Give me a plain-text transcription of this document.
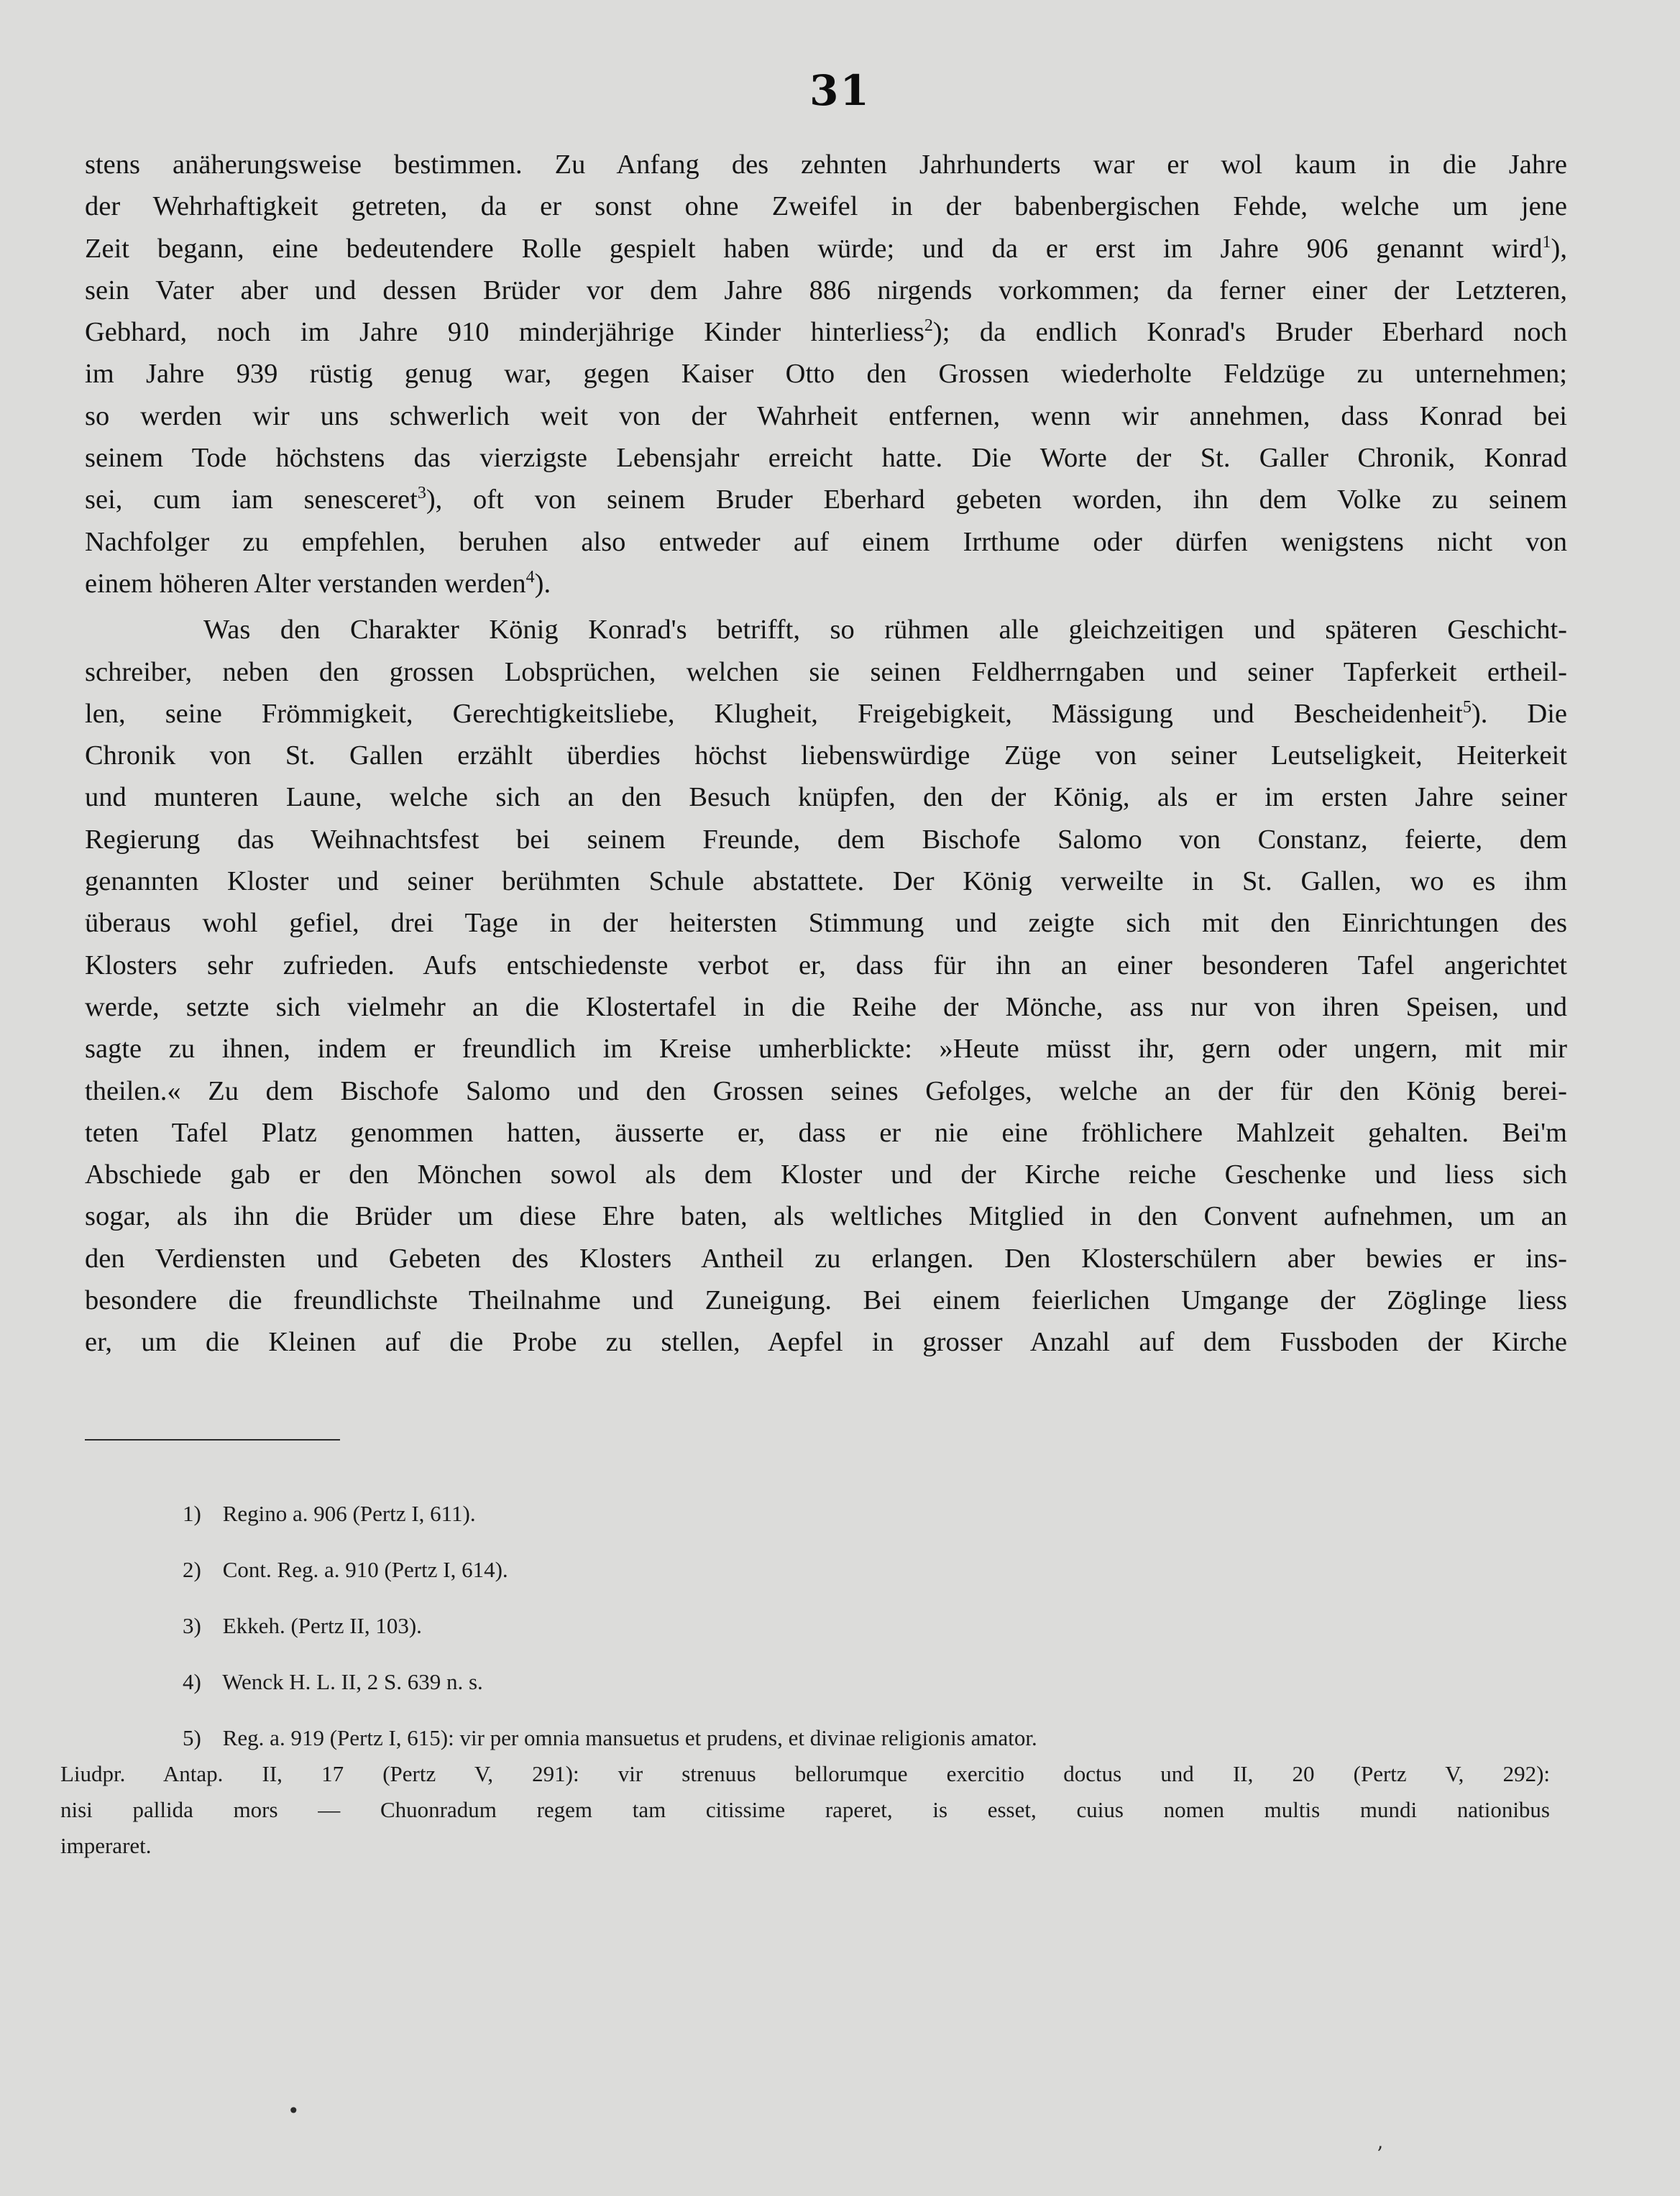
31
stens anäherungsweise bestimmen. Zu Anfang des zehnten Jahrhunderts war er wol kaum in die Jahre
der Wehrhaftigkeit getreten, da er sonst ohne Zweifel in der babenbergischen Fehde, welche um jene
Zeit begann, eine bedeutendere Rolle gespielt haben würde; und da er erst im Jahre 906 genannt wird$^1$),
sein Vater aber und dessen Brüder vor dem Jahre 886 nirgends vorkommen; da ferner einer der Letzteren,
Gebhard, noch im Jahre 910 minderjährige Kinder hinterliess$^2$); da endlich Konrad's Bruder Eberhard noch
im Jahre 939 rüstig genug war, gegen Kaiser Otto den Grossen wiederholte Feldzüge zu unternehmen;
so werden wir uns schwerlich weit von der Wahrheit entfernen, wenn wir annehmen, dass Konrad bei
seinem Tode höchstens das vierzigste Lebensjahr erreicht hatte. Die Worte der St. Galler Chronik, Konrad
sei, cum iam senesceret$^3$), oft von seinem Bruder Eberhard gebeten worden, ihn dem Volke zu seinem
Nachfolger zu empfehlen, beruhen also entweder auf einem Irrthume oder dürfen wenigstens nicht von
einem höheren Alter verstanden werden$^4$).
Was den Charakter König Konrad's betrifft, so rühmen alle gleichzeitigen und späteren Geschicht-
schreiber, neben den grossen Lobsprüchen, welchen sie seinen Feldherrngaben und seiner Tapferkeit ertheil-
len, seine Frömmigkeit, Gerechtigkeitsliebe, Klugheit, Freigebigkeit, Mässigung und Bescheidenheit$^5$). Die
Chronik von St. Gallen erzählt überdies höchst liebenswürdige Züge von seiner Leutseligkeit, Heiterkeit
und munteren Laune, welche sich an den Besuch knüpfen, den der König, als er im ersten Jahre seiner
Regierung das Weihnachtsfest bei seinem Freunde, dem Bischofe Salomo von Constanz, feierte, dem
genannten Kloster und seiner berühmten Schule abstattete. Der König verweilte in St. Gallen, wo es ihm
überaus wohl gefiel, drei Tage in der heitersten Stimmung und zeigte sich mit den Einrichtungen des
Klosters sehr zufrieden. Aufs entschiedenste verbot er, dass für ihn an einer besonderen Tafel angerichtet
werde, setzte sich vielmehr an die Klostertafel in die Reihe der Mönche, ass nur von ihren Speisen, und
sagte zu ihnen, indem er freundlich im Kreise umherblickte: »Heute müsst ihr, gern oder ungern, mit mir
theilen.« Zu dem Bischofe Salomo und den Grossen seines Gefolges, welche an der für den König berei-
teten Tafel Platz genommen hatten, äusserte er, dass er nie eine fröhlichere Mahlzeit gehalten. Bei'm
Abschiede gab er den Mönchen sowol als dem Kloster und der Kirche reiche Geschenke und liess sich
sogar, als ihn die Brüder um diese Ehre baten, als weltliches Mitglied in den Convent aufnehmen, um an
den Verdiensten und Gebeten des Klosters Antheil zu erlangen. Den Klosterschülern aber bewies er ins-
besondere die freundlichste Theilnahme und Zuneigung. Bei einem feierlichen Umgange der Zöglinge liess
er, um die Kleinen auf die Probe zu stellen, Aepfel in grosser Anzahl auf dem Fussboden der Kirche
1) Regino a. 906 (Pertz I, 611).
2) Cont. Reg. a. 910 (Pertz I, 614).
3) Ekkeh. (Pertz II, 103).
4) Wenck H. L. II, 2 S. 639 n. s.
5) Reg. a. 919 (Pertz I, 615): vir per omnia mansuetus et prudens, et divinae religionis amator.
Liudpr. Antap. II, 17 (Pertz V, 291): vir strenuus bellorumque exercitio doctus und II, 20 (Pertz V, 292):
nisi pallida mors — Chuonradum regem tam citissime raperet, is esset, cuius nomen multis mundi nationibus
imperaret.
•
’
